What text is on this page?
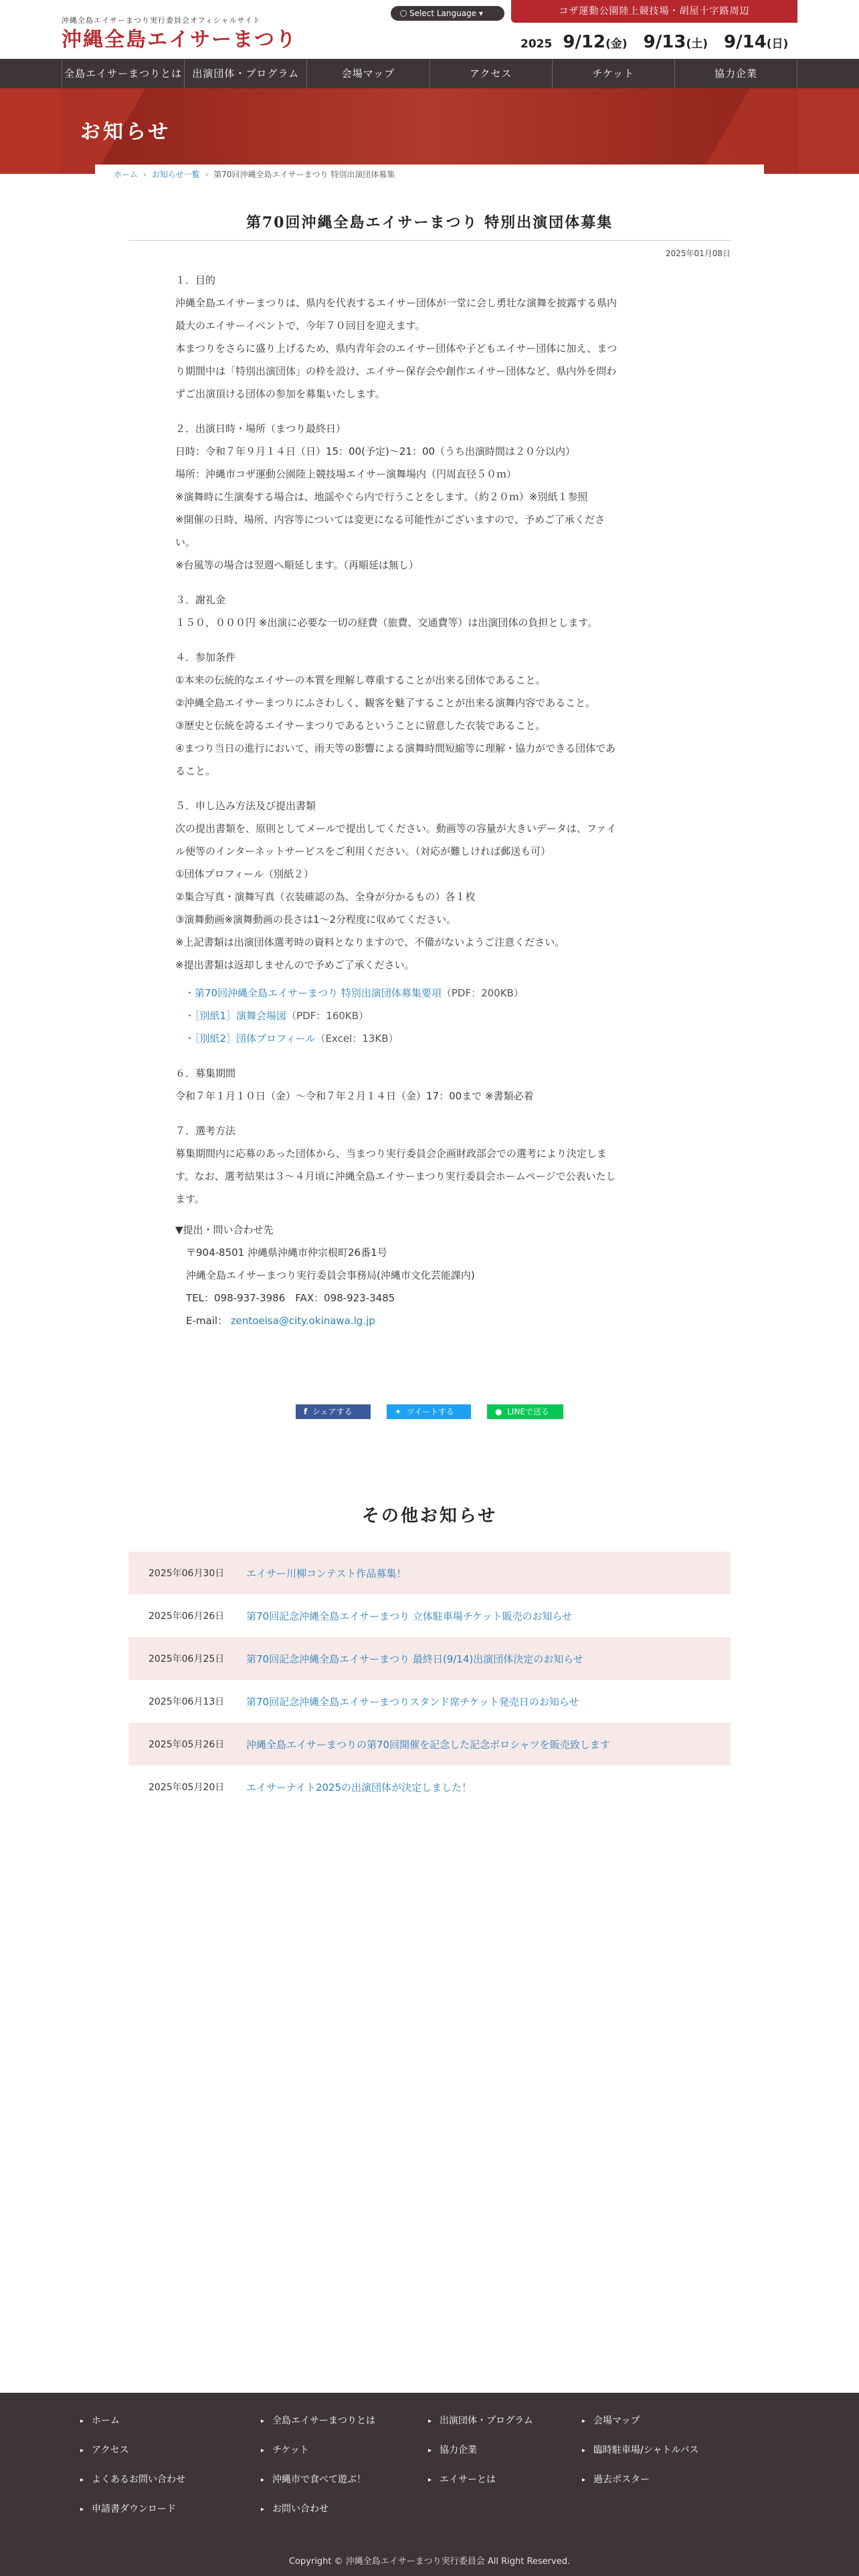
沖縄全島エイサーまつり実行委員会オフィシャルサイト
沖縄全島エイサーまつり
Select Language ▾	コザ運動公園陸上競技場・胡屋十字路周辺
2025 9/12(金) 9/13(土) 9/14(日)
全島エイサーまつりとは	出演団体・プログラム	会場マップ	アクセス	チケット	協力企業
お知らせ
ホーム › お知らせ一覧 › 第70回沖縄全島エイサーまつり 特別出演団体募集
第70回沖縄全島エイサーまつり 特別出演団体募集
2025年01月08日
１．目的
沖縄全島エイサーまつりは、県内を代表するエイサー団体が一堂に会し勇壮な演舞を披露する県内
最大のエイサーイベントで、今年７０回目を迎えます。
本まつりをさらに盛り上げるため、県内青年会のエイサー団体や子どもエイサー団体に加え、まつ
り期間中は「特別出演団体」の枠を設け、エイサー保存会や創作エイサー団体など、県内外を問わ
ずご出演頂ける団体の参加を募集いたします。
２．出演日時・場所（まつり最終日）
日時：令和７年９月１４日（日）15：00(予定)〜21：00（うち出演時間は２０分以内）
場所：沖縄市コザ運動公園陸上競技場エイサー演舞場内（円周直径５０ｍ）
※演舞時に生演奏する場合は、地謡やぐら内で行うことをします。（約２０ｍ）※別紙１参照
※開催の日時、場所、内容等については変更になる可能性がございますので、予めご了承くださ
い。
※台風等の場合は翌週へ順延します。（再順延は無し）
３．謝礼金
１５０，０００円 ※出演に必要な一切の経費（旅費、交通費等）は出演団体の負担とします。
４．参加条件
①本来の伝統的なエイサーの本質を理解し尊重することが出来る団体であること。
②沖縄全島エイサーまつりにふさわしく、観客を魅了することが出来る演舞内容であること。
③歴史と伝統を誇るエイサーまつりであるということに留意した衣装であること。
④まつり当日の進行において、雨天等の影響による演舞時間短縮等に理解・協力ができる団体であ
ること。
５．申し込み方法及び提出書類
次の提出書類を、原則としてメールで提出してください。動画等の容量が大きいデータは、ファイ
ル便等のインターネットサービスをご利用ください。（対応が難しければ郵送も可）
①団体プロフィール（別紙２）
②集合写真・演舞写真（衣装確認の為、全身が分かるもの）各１枚
③演舞動画※演舞動画の長さは1〜2分程度に収めてください。
※上記書類は出演団体選考時の資料となりますので、不備がないようご注意ください。
※提出書類は返却しませんので予めご了承ください。
・第70回沖縄全島エイサーまつり 特別出演団体募集要項（PDF：200KB）
・［別紙1］演舞会場図（PDF：160KB）
・［別紙2］団体プロフィール（Excel：13KB）
６．募集期間
令和７年１月１０日（金）〜令和７年２月１４日（金）17：00まで ※書類必着
７．選考方法
募集期間内に応募のあった団体から、当まつり実行委員会企画財政部会での選考により決定しま
す。なお、選考結果は３〜４月頃に沖縄全島エイサーまつり実行委員会ホームページで公表いたし
ます。
▼提出・問い合わせ先
〒904-8501 沖縄県沖縄市仲宗根町26番1号
沖縄全島エイサーまつり実行委員会事務局(沖縄市文化芸能課内)
TEL：098-937-3986　FAX：098-923-3485
E-mail： zentoeisa@city.okinawa.lg.jp
f シェアする	✦ ツイートする	● LINEで送る
その他お知らせ
2025年06月30日	エイサー川柳コンテスト作品募集！
2025年06月26日	第70回記念沖縄全島エイサーまつり 立体駐車場チケット販売のお知らせ
2025年06月25日	第70回記念沖縄全島エイサーまつり 最終日(9/14)出演団体決定のお知らせ
2025年06月13日	第70回記念沖縄全島エイサーまつりスタンド席チケット発売日のお知らせ
2025年05月26日	沖縄全島エイサーまつりの第70回開催を記念した記念ポロシャツを販売致します
2025年05月20日	エイサーナイト2025の出演団体が決定しました！
▸ ホーム	▸ 全島エイサーまつりとは	▸ 出演団体・プログラム	▸ 会場マップ
▸ アクセス	▸ チケット	▸ 協力企業	▸ 臨時駐車場/シャトルバス
▸ よくあるお問い合わせ	▸ 沖縄市で食べて遊ぶ！	▸ エイサーとは	▸ 過去ポスター
▸ 申請書ダウンロード	▸ お問い合わせ
Copyright © 沖縄全島エイサーまつり実行委員会 All Right Reserved.
